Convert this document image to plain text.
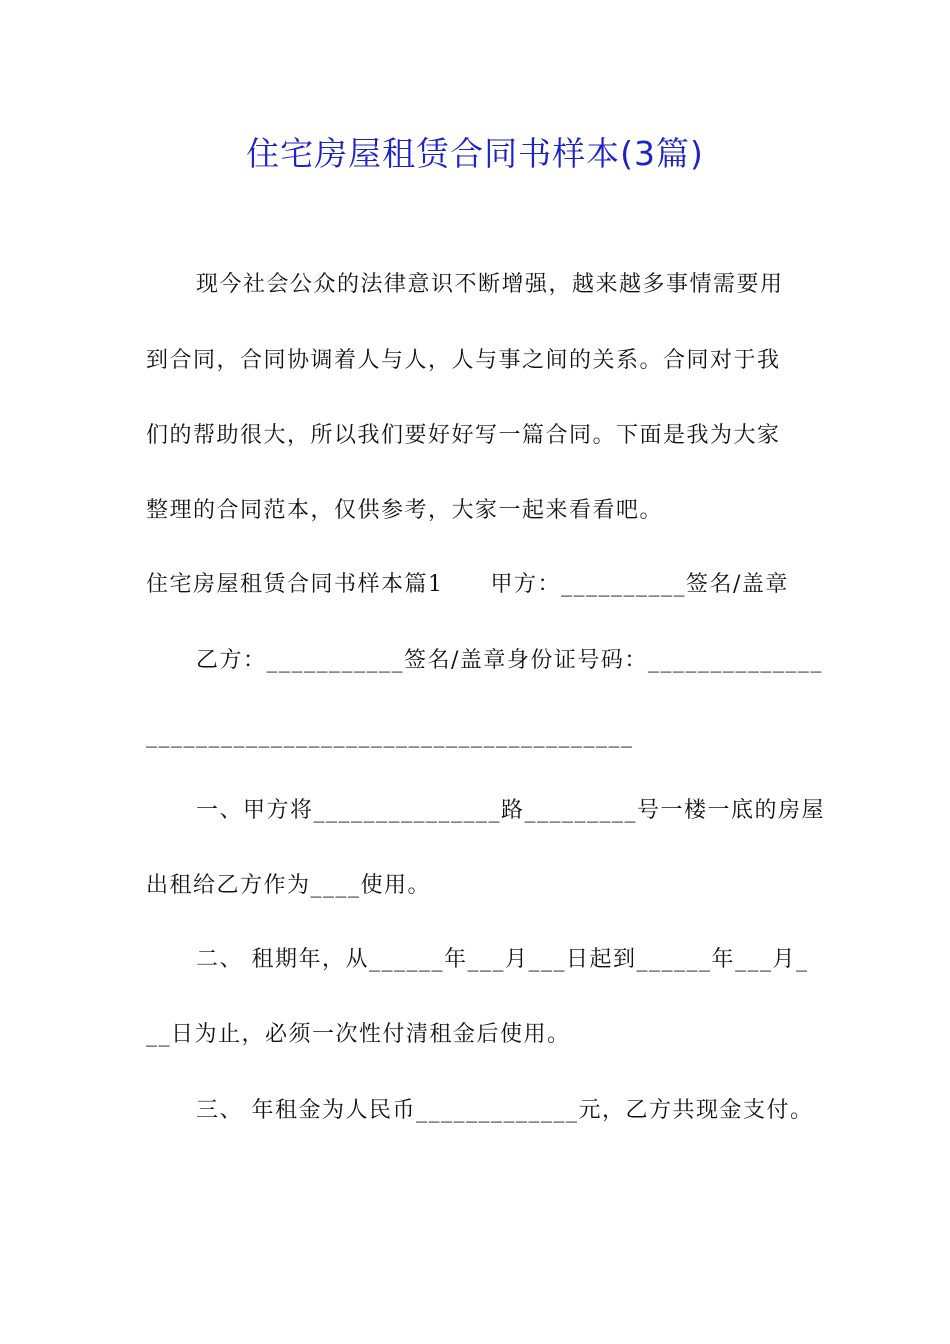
住宅房屋租赁合同书样本(3篇)
现今社会公众的法律意识不断增强，越来越多事情需要用
到合同，合同协调着人与人，人与事之间的关系。合同对于我
们的帮助很大，所以我们要好好写一篇合同。下面是我为大家
整理的合同范本，仅供参考，大家一起来看看吧。
住宅房屋租赁合同书样本篇1　　甲方：__________签名/盖章
乙方：___________签名/盖章身份证号码：______________
_______________________________________
一、甲方将_______________路_________号一楼一底的房屋
出租给乙方作为____使用。
二、 租期年，从______年___月___日起到______年___月_
__日为止，必须一次性付清租金后使用。
三、 年租金为人民币_____________元，乙方共现金支付。
